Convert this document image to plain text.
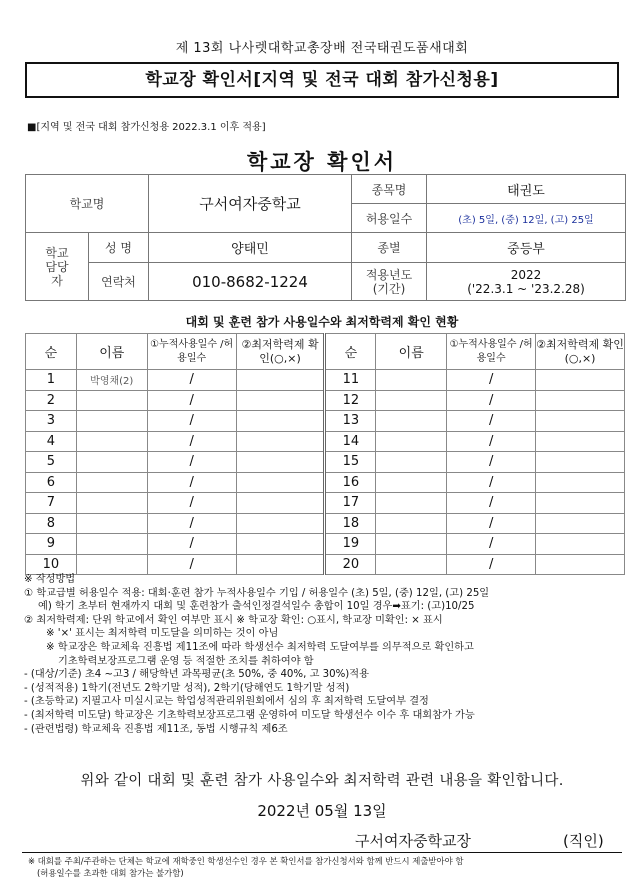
제 13회 나사렛대학교총장배 전국태권도품새대회
학교장 확인서[지역 및 전국 대회 참가신청용]
■[지역 및 전국 대회 참가신청용 2022.3.1 이후 적용]
학교장 확인서
학교명		구서여자중학교	종목명	태권도
			허용일수	(초) 5일, (중) 12일, (고) 25일
학교 담당자	성 명	양태민	종별	중등부
	연락처	010-8682-1224	적용년도 (기간)	2022
('22.3.1 ~ '23.2.28)
대회 및 훈련 참가 사용일수와 최저학력제 확인 현황
순	이름	①누적사용일수 /허용일수	②최저학력제 확인(○,×)	순	이름	①누적사용일수 /허용일수	②최저학력제 확인(○,×)
1	박영채(2)	/		11		/	
2		/		12		/	
3		/		13		/	
4		/		14		/	
5		/		15		/	
6		/		16		/	
7		/		17		/	
8		/		18		/	
9		/		19		/	
10		/		20		/	
※ 작성방법
① 학교급별 허용일수 적용: 대회·훈련 참가 누적사용일수 기입 / 허용일수 (초) 5일, (중) 12일, (고) 25일
예) 학기 초부터 현재까지 대회 및 훈련참가 출석인정결석일수 총합이 10일 경우➡표기: (고)10/25
② 최저학력제: 단위 학교에서 확인 여부만 표시 ※ 학교장 확인: ○표시, 학교장 미확인: × 표시
※ '×' 표시는 최저학력 미도달을 의미하는 것이 아님
※ 학교장은 학교체육 진흥법 제11조에 따라 학생선수 최저학력 도달여부를 의무적으로 확인하고
기초학력보장프로그램 운영 등 적절한 조치를 취하여야 함
- (대상/기준) 초4 ~고3 / 해당학년 과목평균(초 50%, 중 40%, 고 30%)적용
- (성적적용) 1학기(전년도 2학기말 성적), 2학기(당해연도 1학기말 성적)
- (초등학교) 지필고사 미실시교는 학업성적관리위원회에서 심의 후 최저학력 도달여부 결정
- (최저학력 미도달) 학교장은 기초학력보장프로그램 운영하여 미도달 학생선수 이수 후 대회참가 가능
- (관련법령) 학교체육 진흥법 제11조, 동법 시행규칙 제6조
위와 같이 대회 및 훈련 참가 사용일수와 최저학력 관련 내용을 확인합니다.
2022년 05월 13일
구서여자중학교장	(직인)
※ 대회를 주최/주관하는 단체는 학교에 재학중인 학생선수인 경우 본 확인서를 참가신청서와 함께 반드시 제출받아야 함
(허용일수를 초과한 대회 참가는 불가함)
